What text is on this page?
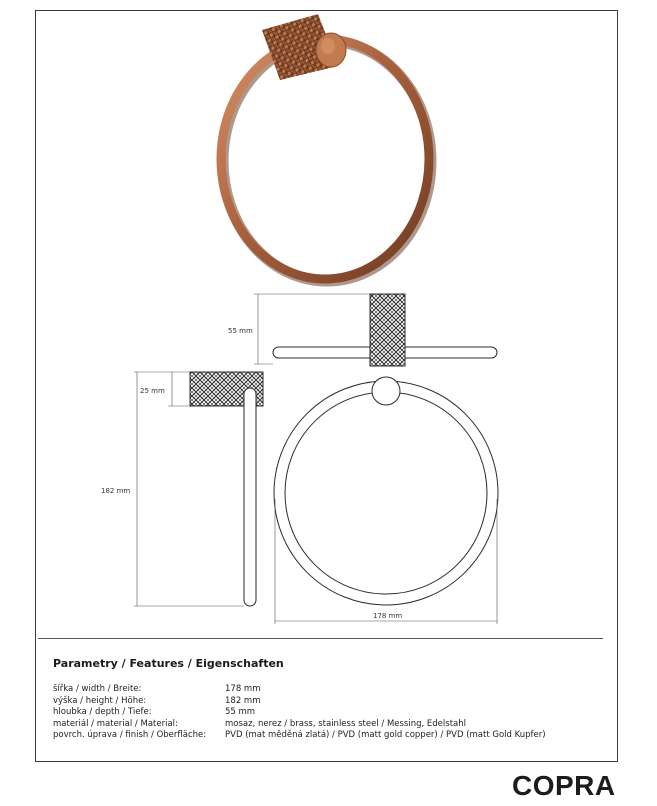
55 mm
25 mm
182 mm
178 mm
Parametry / Features / Eigenschaften
šířka / width / Breite:	178 mm
výška / height / Höhe:	182 mm
hloubka / depth / Tiefe:	55 mm
materiál / material / Material:	mosaz, nerez / brass, stainless steel / Messing, Edelstahl
povrch. úprava / finish / Oberfläche:	PVD (mat měděná zlatá) / PVD (matt gold copper) / PVD (matt Gold Kupfer)
COPRA
